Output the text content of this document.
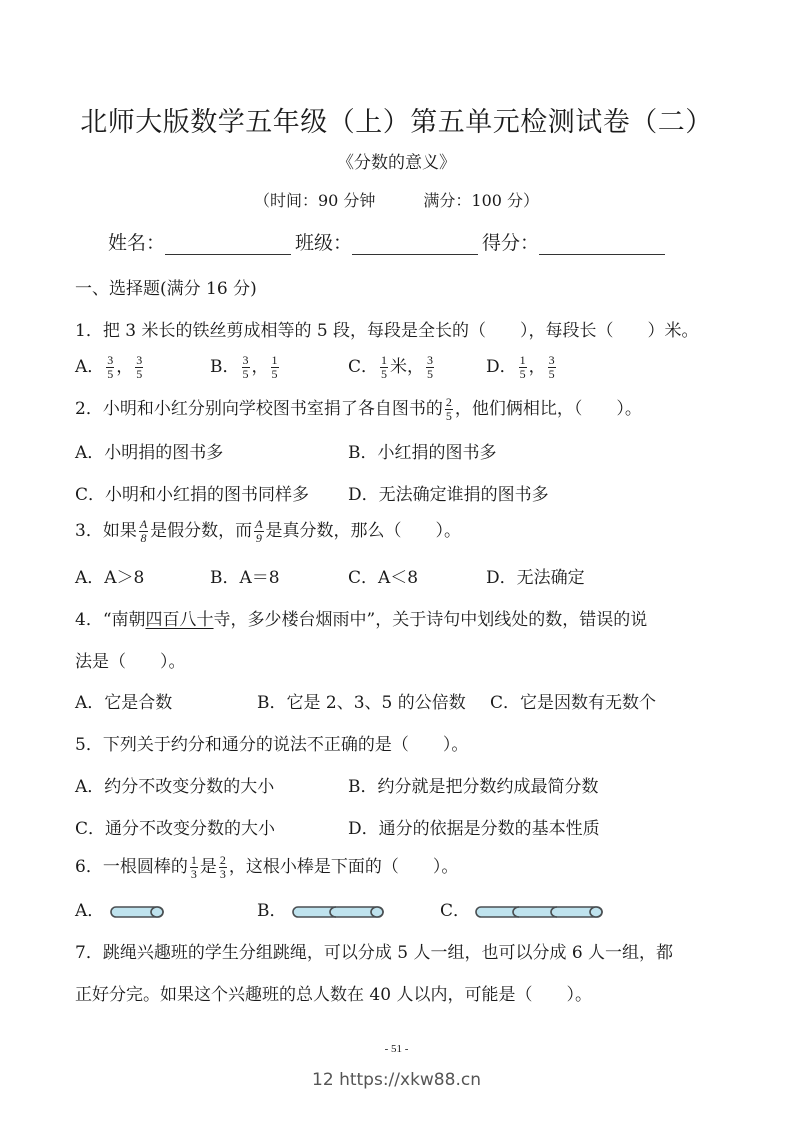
北师大版数学五年级（上）第五单元检测试卷（二）
《分数的意义》
（时间：90 分钟	满分：100 分）
姓名：	班级：	得分：
一、选择题(满分 16 分)
1．把 3 米长的铁丝剪成相等的 5 段，每段是全长的（　　），每段长（　　）米。
A． $\frac{3}{5}$ ， $\frac{3}{5}$	B． $\frac{3}{5}$ ， $\frac{1}{5}$	C． $\frac{1}{5}$ 米， $\frac{3}{5}$	D． $\frac{1}{5}$ ， $\frac{3}{5}$
2．小明和小红分别向学校图书室捐了各自图书的 $\frac{2}{5}$ ，他们俩相比，（　　）。
A．小明捐的图书多	B．小红捐的图书多
C．小明和小红捐的图书同样多 D．无法确定谁捐的图书多
3．如果 $\frac{A}{8}$ 是假分数，而 $\frac{A}{9}$ 是真分数，那么（　　）。
A．A＞8	B．A＝8	C．A＜8	D．无法确定
4．“南朝四百八十寺，多少楼台烟雨中”，关于诗句中划线处的数，错误的说
法是（　　）。
A．它是合数	B．它是 2、3、5 的公倍数 C．它是因数有无数个
5．下列关于约分和通分的说法不正确的是（　　）。
A．约分不改变分数的大小	B．约分就是把分数约成最简分数
C．通分不改变分数的大小	D．通分的依据是分数的基本性质
6．一根圆棒的 $\frac{1}{3}$ 是 $\frac{2}{3}$ ，这根小棒是下面的（　　）。
A．	B．	C．
7．跳绳兴趣班的学生分组跳绳，可以分成 5 人一组，也可以分成 6 人一组，都
正好分完。如果这个兴趣班的总人数在 40 人以内，可能是（　　）。
- 51 -
12 https://xkw88.cn
